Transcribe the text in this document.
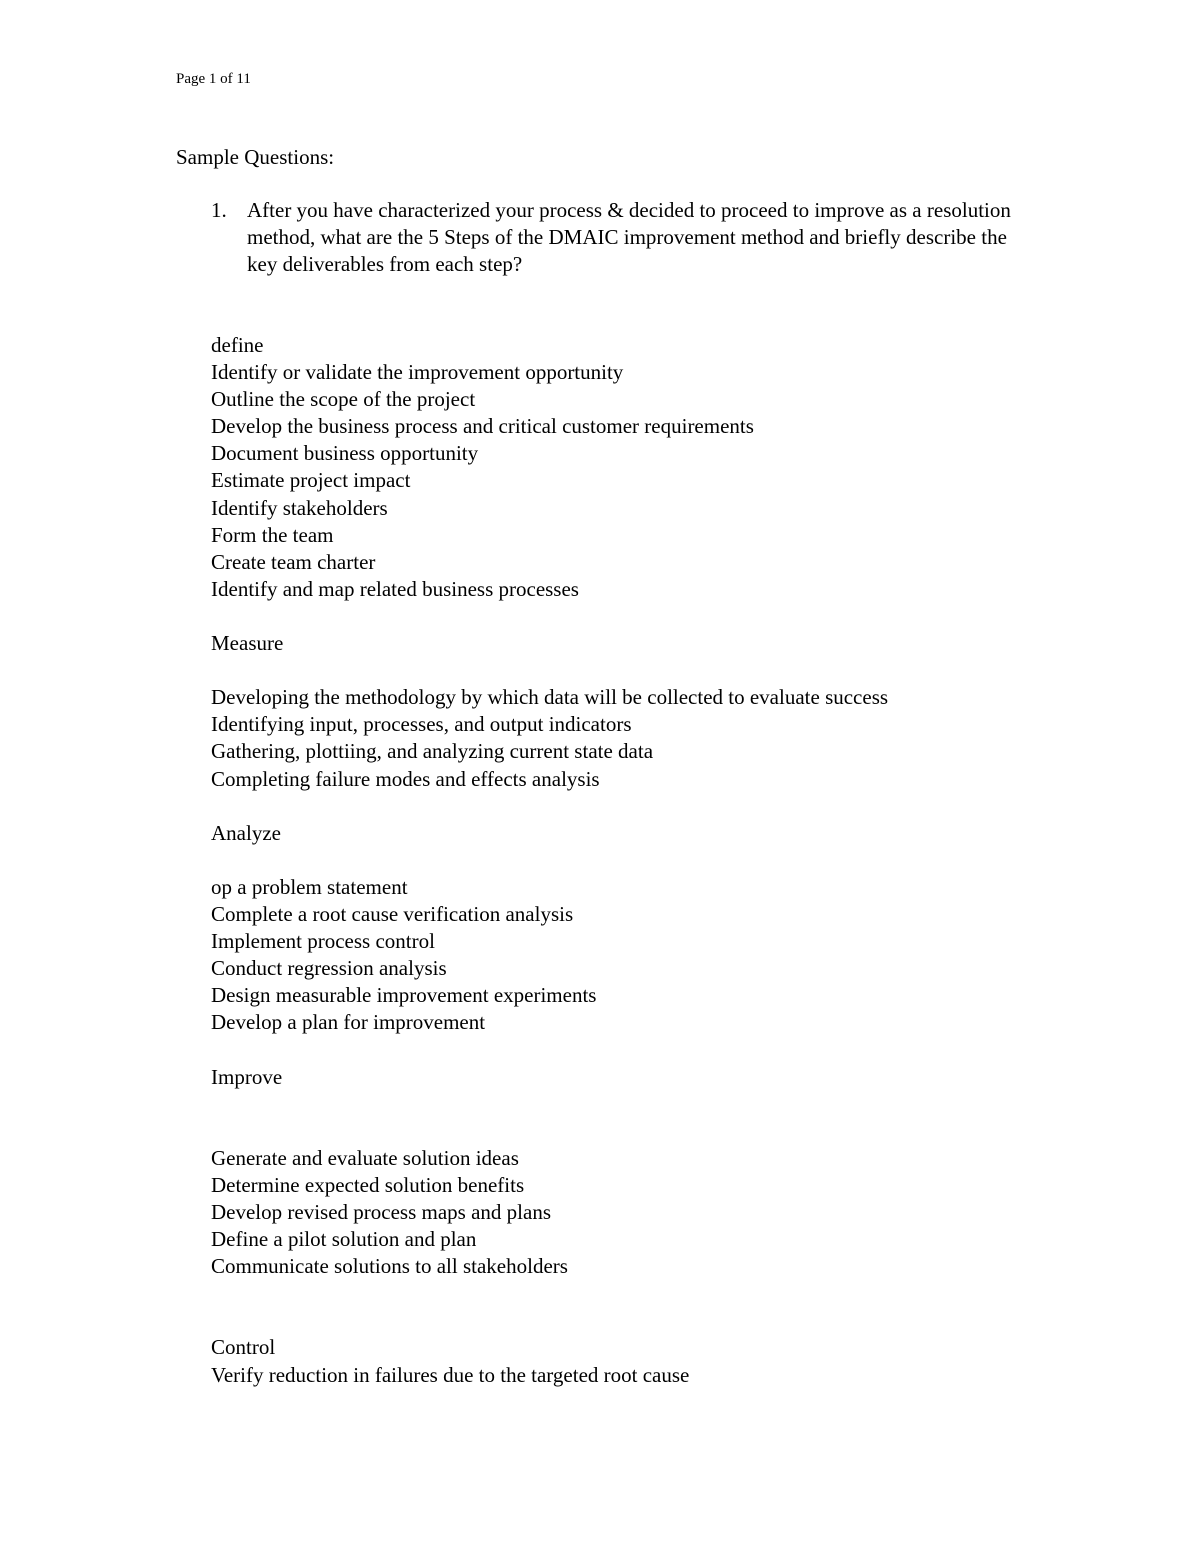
Page 1 of 11

Sample Questions:

1. After you have characterized your process & decided to proceed to improve as a resolution method, what are the 5 Steps of the DMAIC improvement method and briefly describe the key deliverables from each step?
define
Identify or validate the improvement opportunity
Outline the scope of the project
Develop the business process and critical customer requirements
Document business opportunity
Estimate project impact
Identify stakeholders
Form the team
Create team charter
Identify and map related business processes
Measure
Developing the methodology by which data will be collected to evaluate success
Identifying input, processes, and output indicators
Gathering, plottiing, and analyzing current state data
Completing failure modes and effects analysis
Analyze
op a problem statement
Complete a root cause verification analysis
Implement process control
Conduct regression analysis
Design measurable improvement experiments
Develop a plan for improvement
Improve
Generate and evaluate solution ideas
Determine expected solution benefits
Develop revised process maps and plans
Define a pilot solution and plan
Communicate solutions to all stakeholders
Control
Verify reduction in failures due to the targeted root cause
